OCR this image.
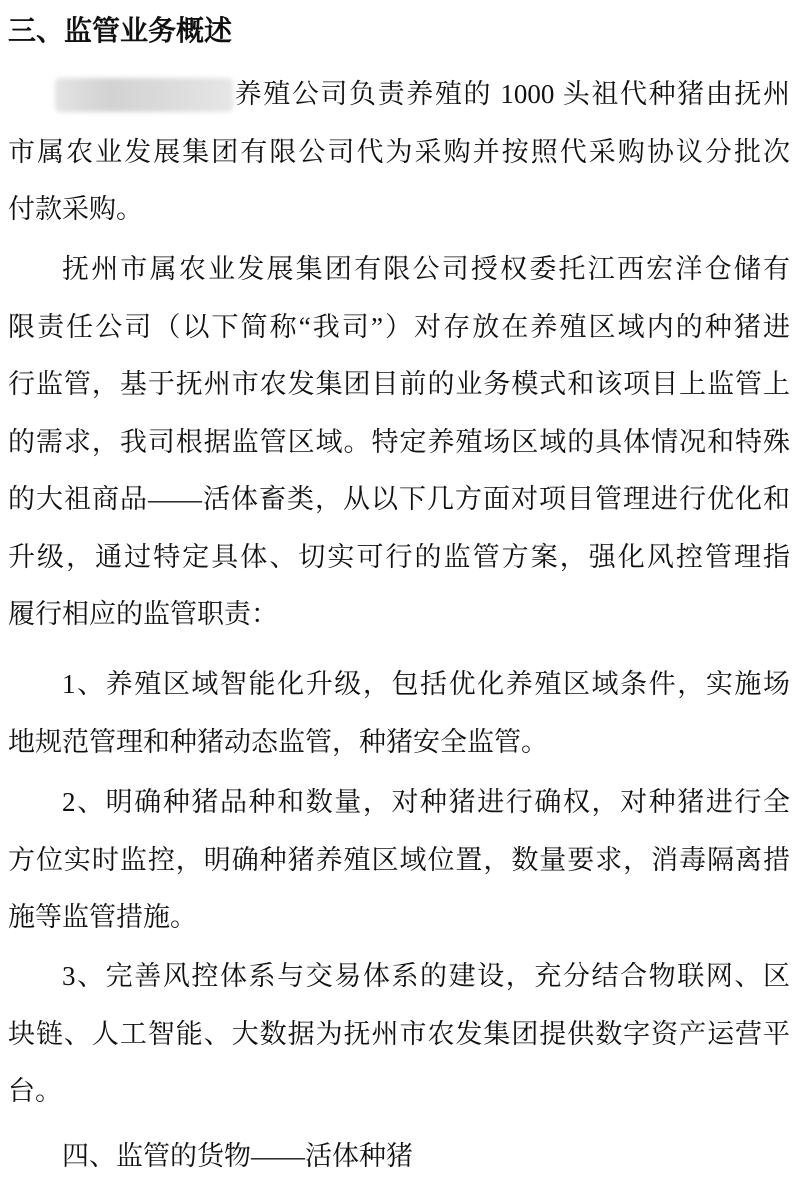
三、监管业务概述
养殖公司负责养殖的 1000 头祖代种猪由抚州
市属农业发展集团有限公司代为采购并按照代采购协议分批次
付款采购。
抚州市属农业发展集团有限公司授权委托江西宏洋仓储有
限责任公司（以下简称“我司”）对存放在养殖区域内的种猪进
行监管，基于抚州市农发集团目前的业务模式和该项目上监管上
的需求，我司根据监管区域。特定养殖场区域的具体情况和特殊
的大祖商品——活体畜类，从以下几方面对项目管理进行优化和
升级，通过特定具体、切实可行的监管方案，强化风控管理指
履行相应的监管职责：
1、养殖区域智能化升级，包括优化养殖区域条件，实施场
地规范管理和种猪动态监管，种猪安全监管。
2、明确种猪品种和数量，对种猪进行确权，对种猪进行全
方位实时监控，明确种猪养殖区域位置，数量要求，消毒隔离措
施等监管措施。
3、完善风控体系与交易体系的建设，充分结合物联网、区
块链、人工智能、大数据为抚州市农发集团提供数字资产运营平
台。
四、监管的货物——活体种猪
